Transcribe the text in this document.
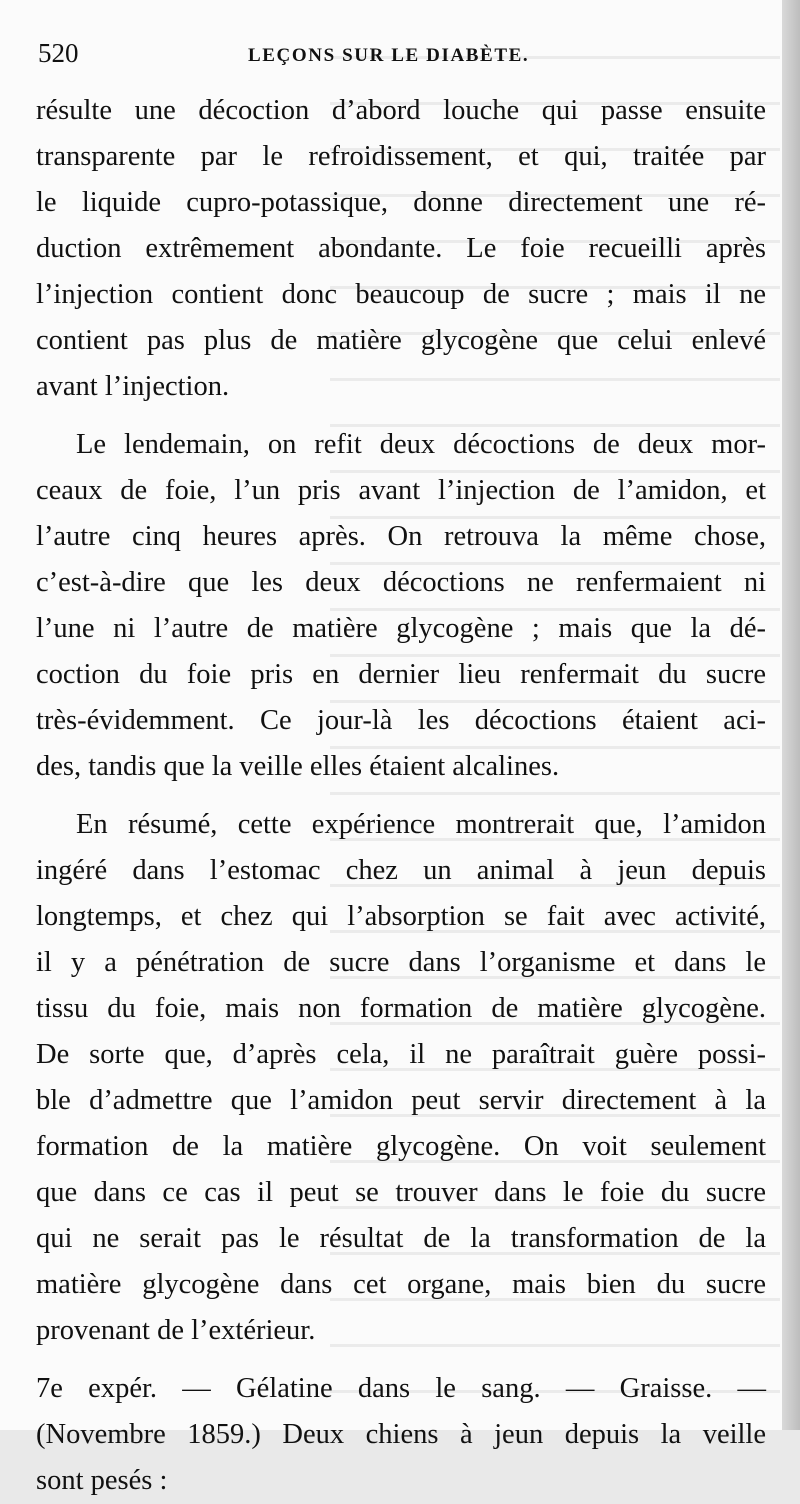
520	LEÇONS SUR LE DIABÈTE.
résulte une décoction d’abord louche qui passe ensuite
transparente par le refroidissement, et qui, traitée par
le liquide cupro-potassique, donne directement une ré-
duction extrêmement abondante. Le foie recueilli après
l’injection contient donc beaucoup de sucre ; mais il ne
contient pas plus de matière glycogène que celui enlevé
avant l’injection.
Le lendemain, on refit deux décoctions de deux mor-
ceaux de foie, l’un pris avant l’injection de l’amidon, et
l’autre cinq heures après. On retrouva la même chose,
c’est-à-dire que les deux décoctions ne renfermaient ni
l’une ni l’autre de matière glycogène ; mais que la dé-
coction du foie pris en dernier lieu renfermait du sucre
très-évidemment. Ce jour-là les décoctions étaient aci-
des, tandis que la veille elles étaient alcalines.
En résumé, cette expérience montrerait que, l’amidon
ingéré dans l’estomac chez un animal à jeun depuis
longtemps, et chez qui l’absorption se fait avec activité,
il y a pénétration de sucre dans l’organisme et dans le
tissu du foie, mais non formation de matière glycogène.
De sorte que, d’après cela, il ne paraîtrait guère possi-
ble d’admettre que l’amidon peut servir directement à la
formation de la matière glycogène. On voit seulement
que dans ce cas il peut se trouver dans le foie du sucre
qui ne serait pas le résultat de la transformation de la
matière glycogène dans cet organe, mais bien du sucre
provenant de l’extérieur.
7e expér. — Gélatine dans le sang. — Graisse. —
(Novembre 1859.) Deux chiens à jeun depuis la veille
sont pesés :
